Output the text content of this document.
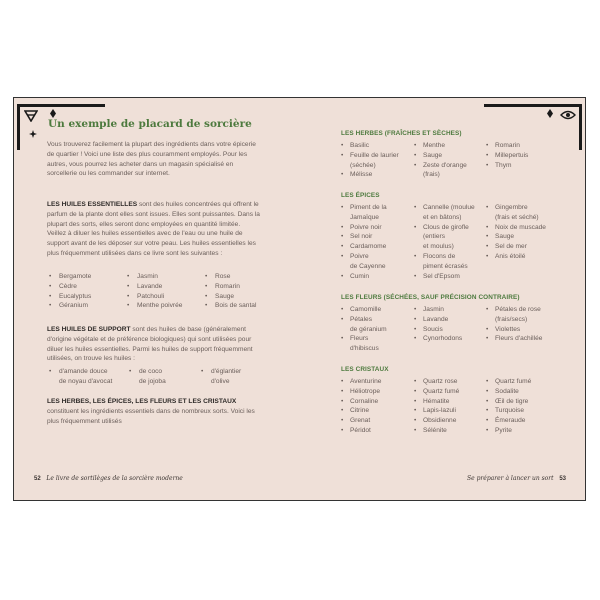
Un exemple de placard de sorcière
Vous trouverez facilement la plupart des ingrédients dans votre épicerie de quartier ! Voici une liste des plus couramment employés. Pour les autres, vous pourrez les acheter dans un magasin spécialisé en sorcellerie ou les commander sur internet.
LES HUILES ESSENTIELLES sont des huiles concentrées qui offrent le parfum de la plante dont elles sont issues. Elles sont puissantes. Dans la plupart des sorts, elles seront donc employées en quantité limitée. Veillez à diluer les huiles essentielles avec de l'eau ou une huile de support avant de les déposer sur votre peau. Les huiles essentielles les plus fréquemment utilisées dans ce livre sont les suivantes :
• Bergamote	• Jasmin	• Rose
• Cèdre	• Lavande	• Romarin
• Eucalyptus	• Patchouli	• Sauge
• Géranium	• Menthe poivrée	• Bois de santal
LES HUILES DE SUPPORT sont des huiles de base (généralement d'origine végétale et de préférence biologiques) qui sont utilisées pour diluer les huiles essentielles. Parmi les huiles de support fréquemment utilisées, on trouve les huiles :
• d'amande douce	• de coco	• d'églantier
de noyau d'avocat	de jojoba	d'olive
LES HERBES, LES ÉPICES, LES FLEURS ET LES CRISTAUX constituent les ingrédients essentiels dans de nombreux sorts. Voici les plus fréquemment utilisés
52 Le livre de sortilèges de la sorcière moderne
LES HERBES (FRAÎCHES ET SÈCHES)
• Basilic
• Feuille de laurier
(séchée)
• Mélisse
• Menthe
• Sauge
• Zeste d'orange
(frais)
• Romarin
• Millepertuis
• Thym
LES ÉPICES
• Piment de la
Jamaïque
• Poivre noir
• Sel noir
• Cardamome
• Poivre
de Cayenne
• Cumin
• Cannelle (moulue
et en bâtons)
• Clous de girofle
(entiers
et moulus)
• Flocons de
piment écrasés
• Sel d'Epsom
• Gingembre
(frais et séché)
• Noix de muscade
• Sauge
• Sel de mer
• Anis étoilé
LES FLEURS (SÉCHÉES, SAUF PRÉCISION CONTRAIRE)
• Camomille
• Pétales
de géranium
• Fleurs
d'hibiscus
• Jasmin
• Lavande
• Soucis
• Cynorhodons
• Pétales de rose
(frais/secs)
• Violettes
• Fleurs d'achillée
LES CRISTAUX
• Aventurine
• Héliotrope
• Cornaline
• Citrine
• Grenat
• Péridot
• Quartz rose
• Quartz fumé
• Hématite
• Lapis-lazuli
• Obsidienne
• Sélénite
• Quartz fumé
• Sodalite
• Œil de tigre
• Turquoise
• Émeraude
• Pyrite
Se préparer à lancer un sort 53
